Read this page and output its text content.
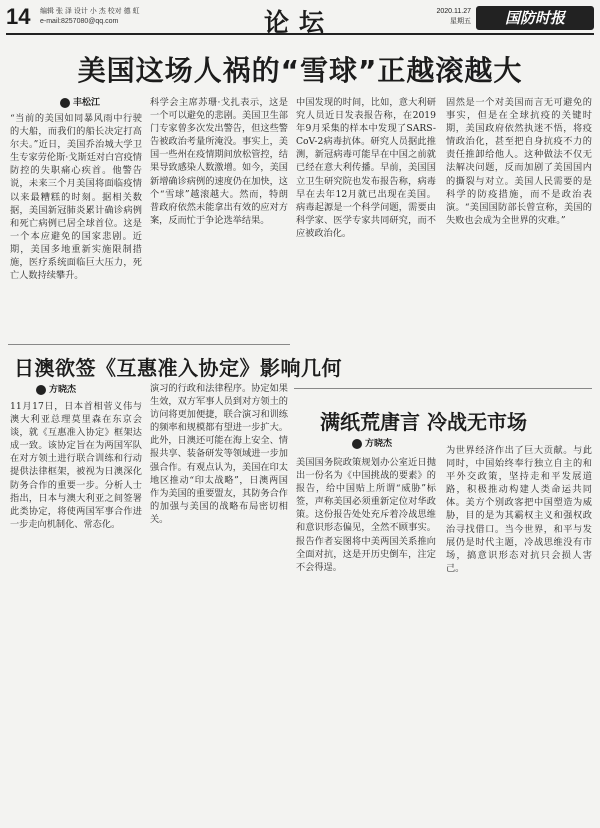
14 编辑 张 泽 设计 小 杰 校对 德 虹
e-mail:8257080@qq.com	论坛	2020.11.27
星期五	国防时报
美国这场人祸的“雪球”正越滚越大
丰松江
“当前的美国如同暴风雨中行驶的大船，而我们的船长决定打高尔夫。”近日，美国乔治城大学卫生专家劳伦斯·戈斯廷对白宫疫情防控的失职痛心疾首。他警告说，未来三个月美国将面临疫情以来最糟糕的时刻。据相关数据，美国新冠肺炎累计确诊病例和死亡病例已居全球首位。这是一个本应避免的国家悲剧。近期，美国多地重新实施限制措施，医疗系统面临巨大压力，死亡人数持续攀升。
科学会主席苏珊·戈扎表示，这是一个可以避免的悲剧。美国卫生部门专家曾多次发出警告，但这些警告被政治考量所淹没。事实上，美国一些州在疫情期间放松管控，结果导致感染人数激增。如今，美国新增确诊病例的速度仍在加快，这个“雪球”越滚越大。然而，特朗普政府依然未能拿出有效的应对方案，反而忙于争论选举结果。
中国发现的时间，比如，意大利研究人员近日发表报告称，在2019年9月采集的样本中发现了SARS-CoV-2病毒抗体。研究人员据此推测，新冠病毒可能早在中国之前就已经在意大利传播。早前，美国国立卫生研究院也发布报告称，病毒早在去年12月就已出现在美国。病毒起源是一个科学问题，需要由科学家、医学专家共同研究，而不应被政治化。
固然是一个对美国而言无可避免的事实，但是在全球抗疫的关键时期，美国政府依然执迷不悟，将疫情政治化，甚至把自身抗疫不力的责任推卸给他人。这种做法不仅无法解决问题，反而加剧了美国国内的撕裂与对立。美国人民需要的是科学的防疫措施，而不是政治表演。“美国国防部长曾宣称，美国的失败也会成为全世界的灾难。”
日澳欲签《互惠准入协定》影响几何
方晓杰
11月17日，日本首相菅义伟与澳大利亚总理莫里森在东京会谈，就《互惠准入协定》框架达成一致。该协定旨在为两国军队在对方领土进行联合训练和行动提供法律框架，被视为日澳深化防务合作的重要一步。分析人士指出，日本与澳大利亚之间签署此类协定，将使两国军事合作进一步走向机制化、常态化。
演习的行政和法律程序。协定如果生效，双方军事人员到对方领土的访问将更加便捷，联合演习和训练的频率和规模都有望进一步扩大。此外，日澳还可能在海上安全、情报共享、装备研发等领域进一步加强合作。有观点认为，美国在印太地区推动“印太战略”，日澳两国作为美国的重要盟友，其防务合作的加强与美国的战略布局密切相关。
满纸荒唐言 冷战无市场
方晓杰
美国国务院政策规划办公室近日抛出一份名为《中国挑战的要素》的报告，给中国贴上所谓“威胁”标签，声称美国必须重新定位对华政策。这份报告处处充斥着冷战思维和意识形态偏见，全然不顾事实。报告作者妄图将中美两国关系推向全面对抗，这是开历史倒车，注定不会得逞。
为世界经济作出了巨大贡献。与此同时，中国始终奉行独立自主的和平外交政策，坚持走和平发展道路，积极推动构建人类命运共同体。美方个别政客把中国塑造为威胁，目的是为其霸权主义和强权政治寻找借口。当今世界，和平与发展仍是时代主题，冷战思维没有市场，搞意识形态对抗只会损人害己。
